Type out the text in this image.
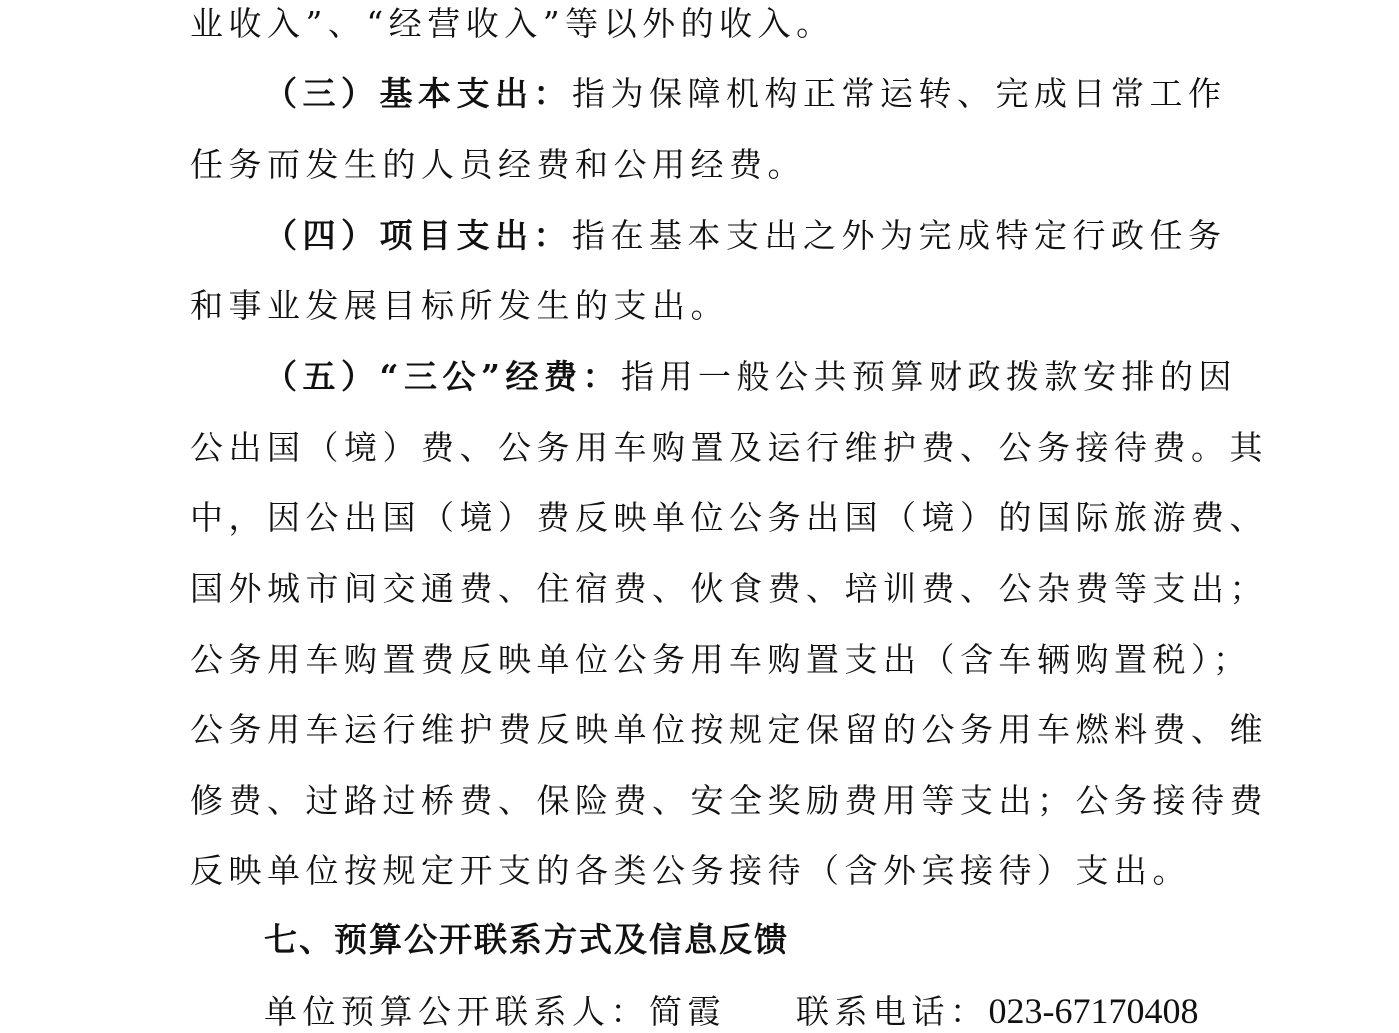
业收入”、“经营收入”等以外的收入。
（三）基本支出：指为保障机构正常运转、完成日常工作
任务而发生的人员经费和公用经费。
（四）项目支出：指在基本支出之外为完成特定行政任务
和事业发展目标所发生的支出。
（五）“三公”经费：指用一般公共预算财政拨款安排的因
公出国（境）费、公务用车购置及运行维护费、公务接待费。其
中，因公出国（境）费反映单位公务出国（境）的国际旅游费、
国外城市间交通费、住宿费、伙食费、培训费、公杂费等支出；
公务用车购置费反映单位公务用车购置支出（含车辆购置税）；
公务用车运行维护费反映单位按规定保留的公务用车燃料费、维
修费、过路过桥费、保险费、安全奖励费用等支出；公务接待费
反映单位按规定开支的各类公务接待（含外宾接待）支出。
七、预算公开联系方式及信息反馈
单位预算公开联系人：简霞 联系电话：023-67170408
